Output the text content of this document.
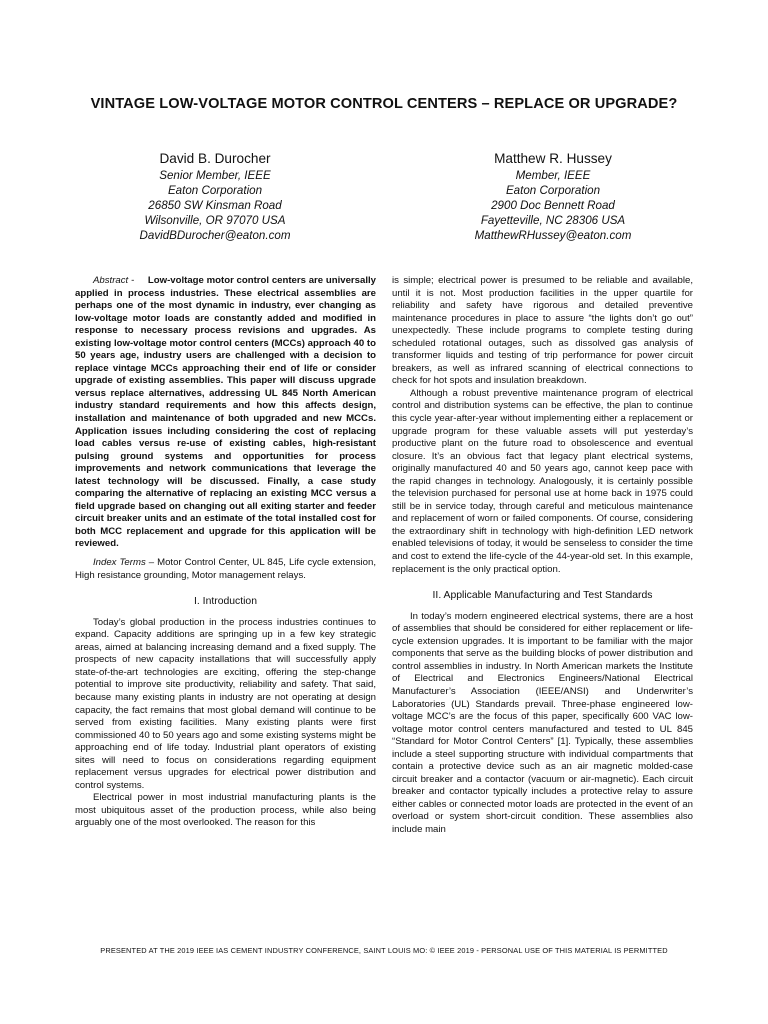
VINTAGE LOW-VOLTAGE MOTOR CONTROL CENTERS – REPLACE OR UPGRADE?
David B. Durocher
Senior Member, IEEE
Eaton Corporation
26850 SW Kinsman Road
Wilsonville, OR 97070 USA
DavidBDurocher@eaton.com
Matthew R. Hussey
Member, IEEE
Eaton Corporation
2900 Doc Bennett Road
Fayetteville, NC 28306 USA
MatthewRHussey@eaton.com

Abstract - Low-voltage motor control centers are universally applied in process industries. These electrical assemblies are perhaps one of the most dynamic in industry, ever changing as low-voltage motor loads are constantly added and modified in response to necessary process revisions and upgrades. As existing low-voltage motor control centers (MCCs) approach 40 to 50 years age, industry users are challenged with a decision to replace vintage MCCs approaching their end of life or consider upgrade of existing assemblies. This paper will discuss upgrade versus replace alternatives, addressing UL 845 North American industry standard requirements and how this affects design, installation and maintenance of both upgraded and new MCCs. Application issues including considering the cost of replacing load cables versus re-use of existing cables, high-resistant pulsing ground systems and opportunities for process improvements and network communications that leverage the latest technology will be discussed. Finally, a case study comparing the alternative of replacing an existing MCC versus a field upgrade based on changing out all exiting starter and feeder circuit breaker units and an estimate of the total installed cost for both MCC replacement and upgrade for this application will be reviewed.

Index Terms – Motor Control Center, UL 845, Life cycle extension, High resistance grounding, Motor management relays.

I. Introduction

Today’s global production in the process industries continues to expand. Capacity additions are springing up in a few key strategic areas, aimed at balancing increasing demand and a fixed supply. The prospects of new capacity installations that will successfully apply state-of-the-art technologies are exciting, offering the step-change potential to improve site productivity, reliability and safety. That said, because many existing plants in industry are not operating at design capacity, the fact remains that most global demand will continue to be served from existing facilities. Many existing plants were first commissioned 40 to 50 years ago and some existing systems might be approaching end of life today. Industrial plant operators of existing sites will need to focus on considerations regarding equipment replacement versus upgrades for electrical power distribution and control systems.

Electrical power in most industrial manufacturing plants is the most ubiquitous asset of the production process, while also being arguably one of the most overlooked. The reason for this

is simple; electrical power is presumed to be reliable and available, until it is not. Most production facilities in the upper quartile for reliability and safety have rigorous and detailed preventive maintenance procedures in place to assure “the lights don’t go out” unexpectedly. These include programs to complete testing during scheduled rotational outages, such as dissolved gas analysis of transformer liquids and testing of trip performance for power circuit breakers, as well as infrared scanning of electrical connections to check for hot spots and insulation breakdown.

Although a robust preventive maintenance program of electrical control and distribution systems can be effective, the plan to continue this cycle year-after-year without implementing either a replacement or upgrade program for these valuable assets will put yesterday’s productive plant on the future road to obsolescence and eventual closure. It’s an obvious fact that legacy plant electrical systems, originally manufactured 40 and 50 years ago, cannot keep pace with the rapid changes in technology. Analogously, it is certainly possible the television purchased for personal use at home back in 1975 could still be in service today, through careful and meticulous maintenance and replacement of worn or failed components. Of course, considering the extraordinary shift in technology with high-definition LED network enabled televisions of today, it would be senseless to consider the time and cost to extend the life-cycle of the 44-year-old set. In this example, replacement is the only practical option.

II. Applicable Manufacturing and Test Standards

In today’s modern engineered electrical systems, there are a host of assemblies that should be considered for either replacement or life-cycle extension upgrades. It is important to be familiar with the major components that serve as the building blocks of power distribution and control assemblies in industry. In North American markets the Institute of Electrical and Electronics Engineers/National Electrical Manufacturer’s Association (IEEE/ANSI) and Underwriter’s Laboratories (UL) Standards prevail. Three-phase engineered low-voltage MCC’s are the focus of this paper, specifically 600 VAC low-voltage motor control centers manufactured and tested to UL 845 “Standard for Motor Control Centers” [1]. Typically, these assemblies include a steel supporting structure with individual compartments that contain a protective device such as an air magnetic molded-case circuit breaker and a contactor (vacuum or air-magnetic). Each circuit breaker and contactor typically includes a protective relay to assure either cables or connected motor loads are protected in the event of an overload or system short-circuit condition. These assemblies also include main

PRESENTED AT THE 2019 IEEE IAS CEMENT INDUSTRY CONFERENCE, SAINT LOUIS MO: © IEEE 2019 - PERSONAL USE OF THIS MATERIAL IS PERMITTED
